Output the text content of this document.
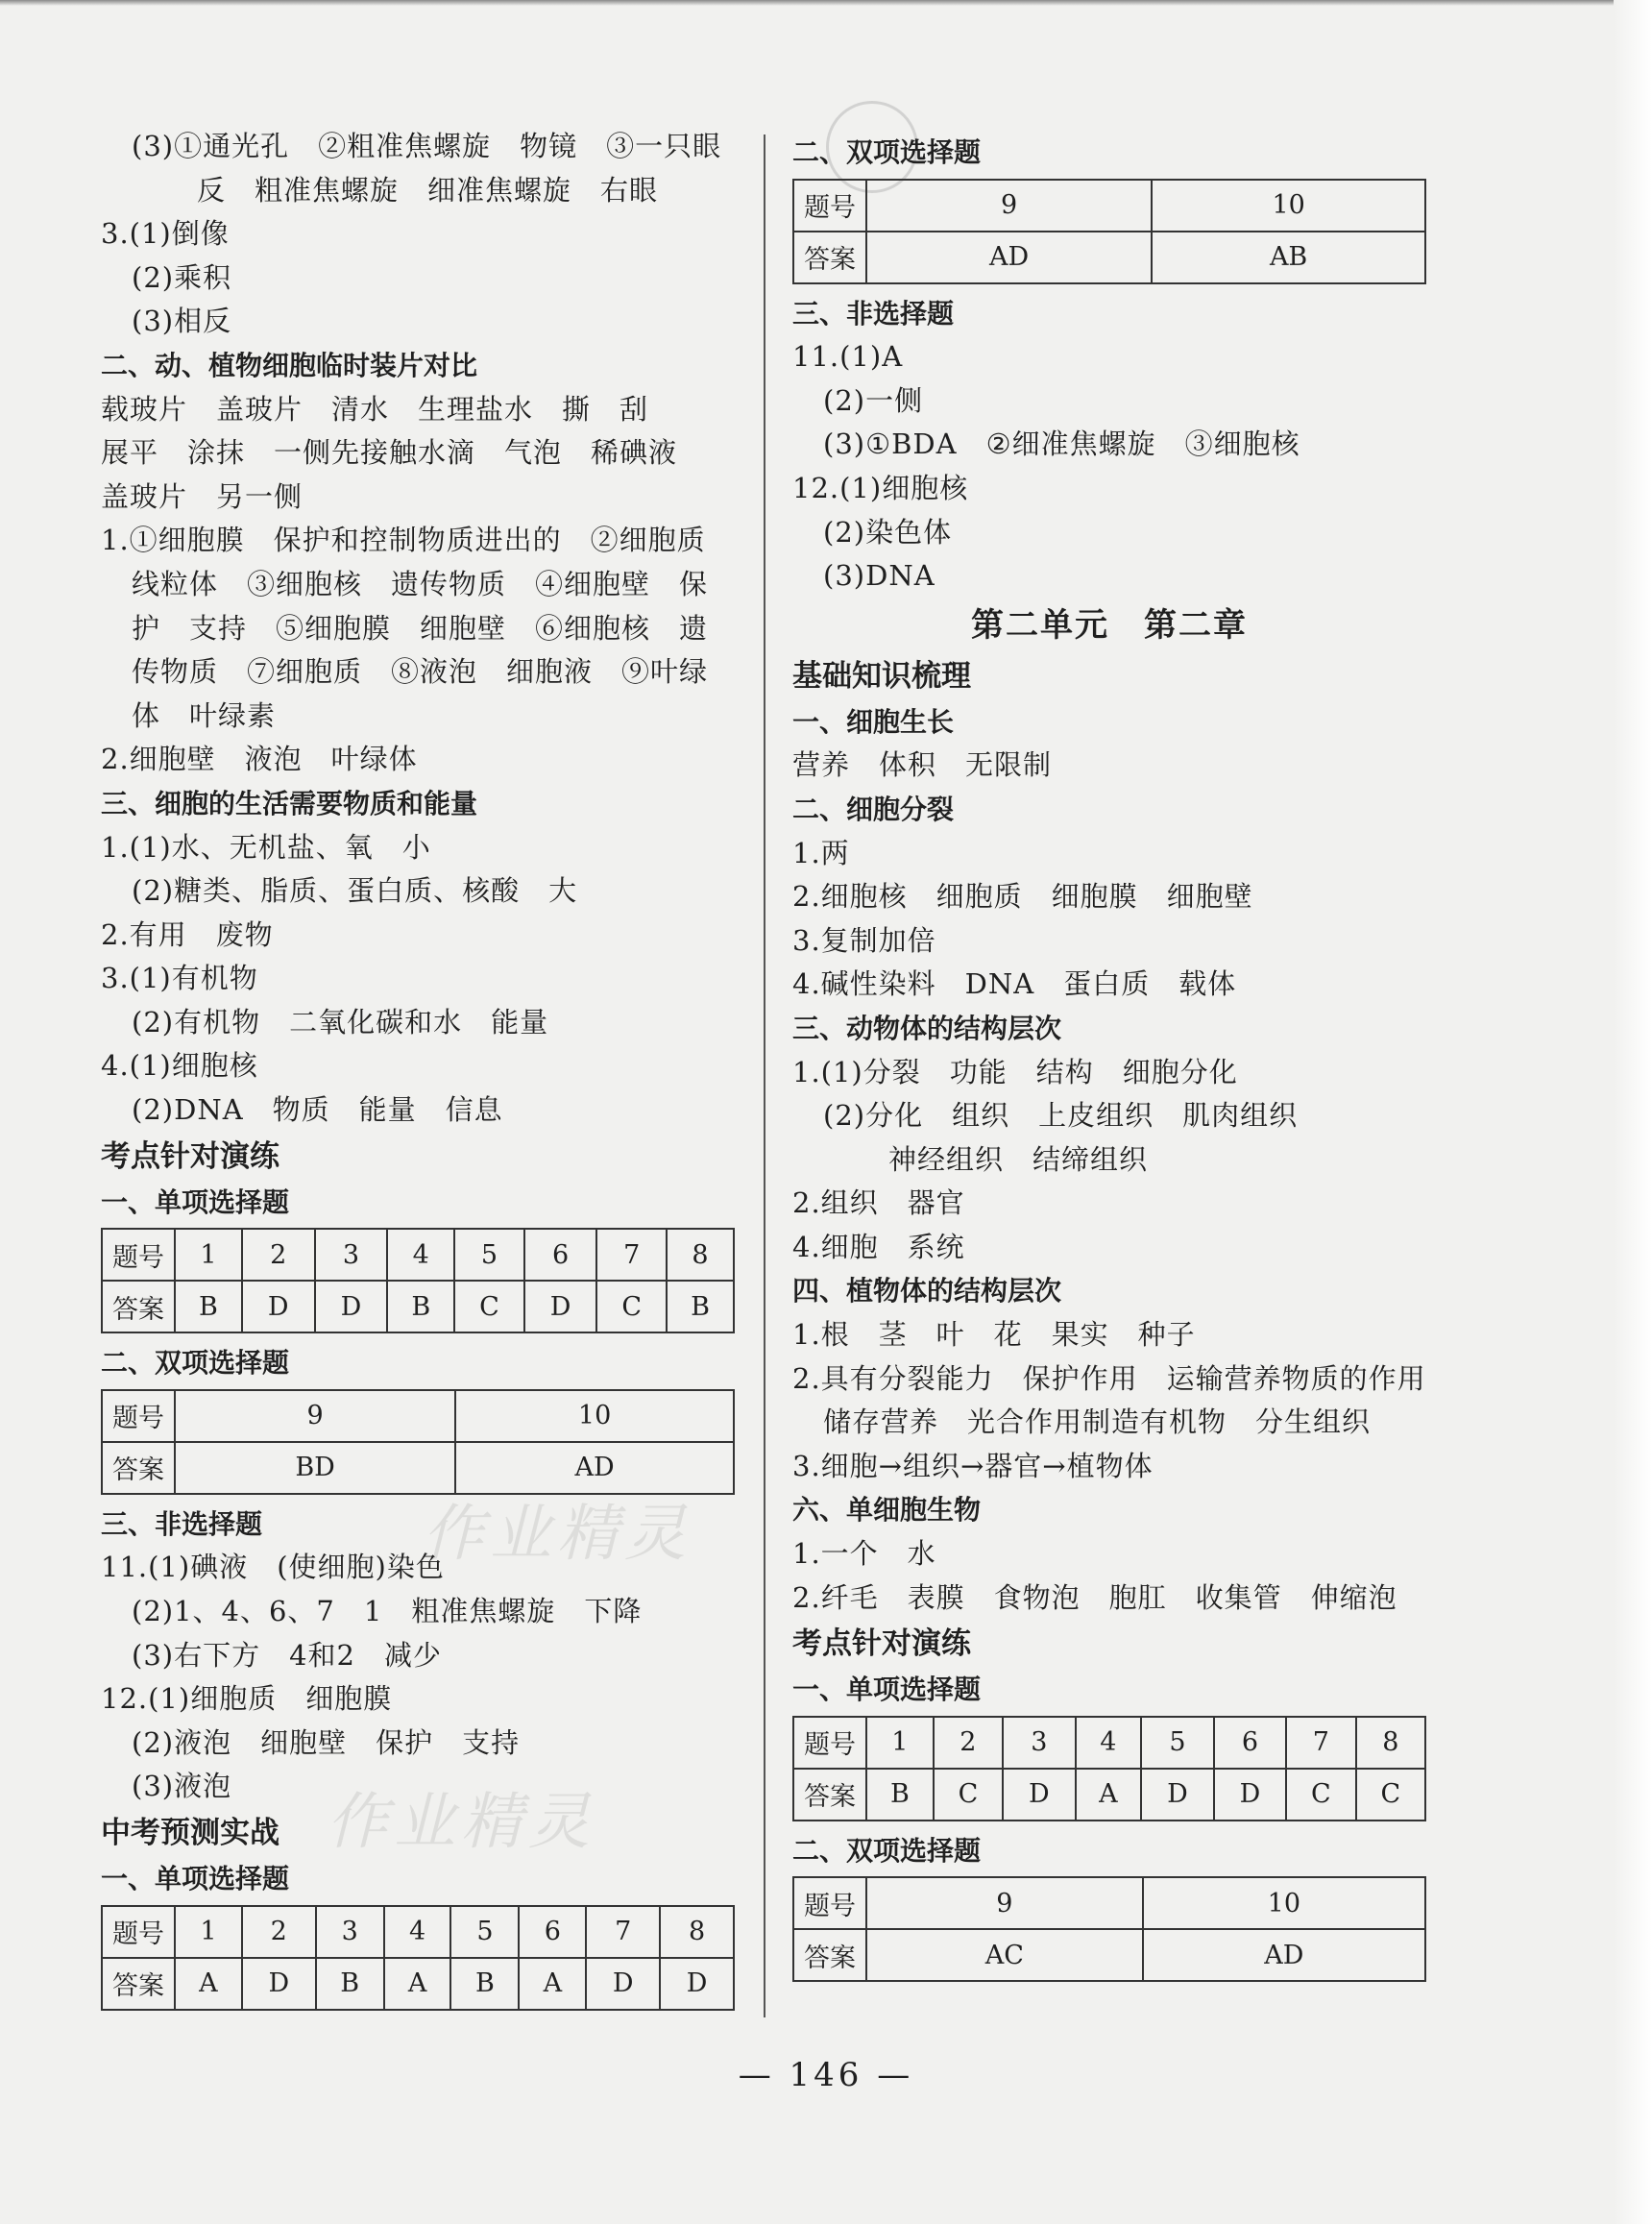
作业精灵
作业精灵
(3)①通光孔　②粗准焦螺旋　物镜　③一只眼
反　粗准焦螺旋　细准焦螺旋　右眼
3.(1)倒像
(2)乘积
(3)相反
二、动、植物细胞临时装片对比
载玻片　盖玻片　清水　生理盐水　撕　刮
展平　涂抹　一侧先接触水滴　气泡　稀碘液
盖玻片　另一侧
1.①细胞膜　保护和控制物质进出的　②细胞质
线粒体　③细胞核　遗传物质　④细胞壁　保
护　支持　⑤细胞膜　细胞壁　⑥细胞核　遗
传物质　⑦细胞质　⑧液泡　细胞液　⑨叶绿
体　叶绿素
2.细胞壁　液泡　叶绿体
三、细胞的生活需要物质和能量
1.(1)水、无机盐、氧　小
(2)糖类、脂质、蛋白质、核酸　大
2.有用　废物
3.(1)有机物
(2)有机物　二氧化碳和水　能量
4.(1)细胞核
(2)DNA　物质　能量　信息
考点针对演练
一、单项选择题
题号	1	2	3	4	5	6	7	8
答案	B	D	D	B	C	D	C	B
二、双项选择题
题号	9	10
答案	BD	AD
三、非选择题
11.(1)碘液　(使细胞)染色
(2)1、4、6、7　1　粗准焦螺旋　下降
(3)右下方　4和2　减少
12.(1)细胞质　细胞膜
(2)液泡　细胞壁　保护　支持
(3)液泡
中考预测实战
一、单项选择题
题号	1	2	3	4	5	6	7	8
答案	A	D	B	A	B	A	D	D
二、双项选择题
题号	9	10
答案	AD	AB
三、非选择题
11.(1)A
(2)一侧
(3)①BDA　②细准焦螺旋　③细胞核
12.(1)细胞核
(2)染色体
(3)DNA
第二单元　第二章
基础知识梳理
一、细胞生长
营养　体积　无限制
二、细胞分裂
1.两
2.细胞核　细胞质　细胞膜　细胞壁
3.复制加倍
4.碱性染料　DNA　蛋白质　载体
三、动物体的结构层次
1.(1)分裂　功能　结构　细胞分化
(2)分化　组织　上皮组织　肌肉组织
神经组织　结缔组织
2.组织　器官
4.细胞　系统
四、植物体的结构层次
1.根　茎　叶　花　果实　种子
2.具有分裂能力　保护作用　运输营养物质的作用
储存营养　光合作用制造有机物　分生组织
3.细胞→组织→器官→植物体
六、单细胞生物
1.一个　水
2.纤毛　表膜　食物泡　胞肛　收集管　伸缩泡
考点针对演练
一、单项选择题
题号	1	2	3	4	5	6	7	8
答案	B	C	D	A	D	D	C	C
二、双项选择题
题号	9	10
答案	AC	AD
— 146 —
